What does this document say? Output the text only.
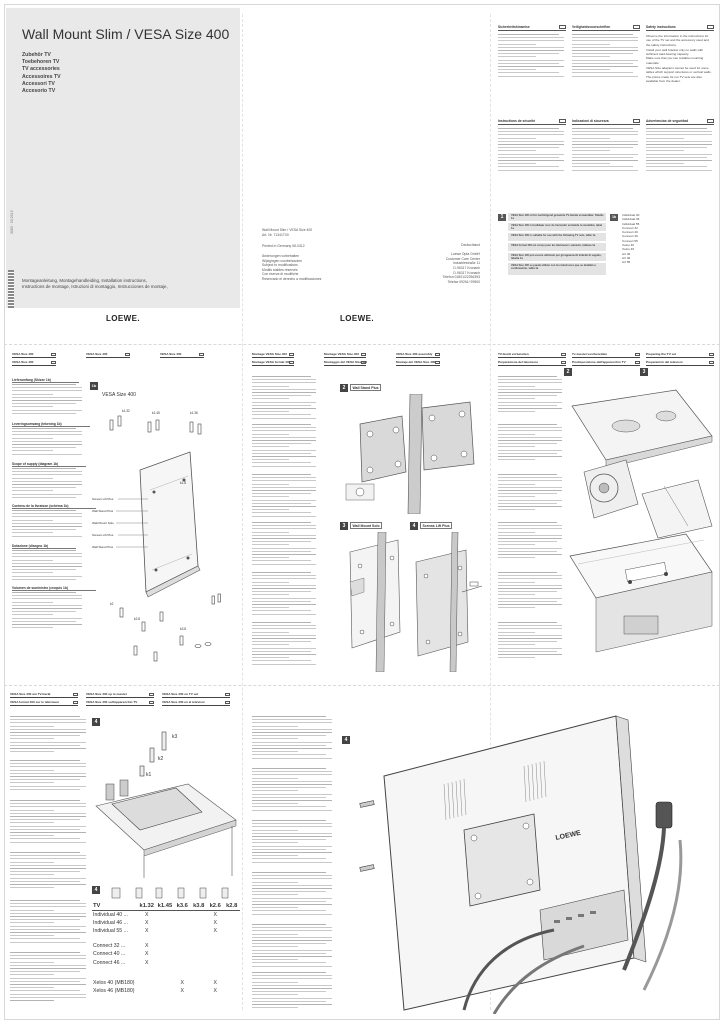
Wall Mount Slim / VESA Size 400
Zubehör TV
Toebehoren TV
TV accessories
Accessoires TV
Accessori TV
Accesorio TV
3083 · 03.2013
Montageanleitung, Montagehandleiding, Installation instructions,
Instructions de montage, Istruzioni di montaggio, Instrucciones de montaje,
Wall Mount Slim / VESA Size 400
Art. Nr. 71341T00
Printed in Germany 08-0312
Änderungen vorbehalten
Wijzigingen voorbehouden
Subject to modifications
Modifs stables réservés
Con riserva di modifiche
Reservado el derecho a modificaciones
Deutschland
Loewe Opta GmbH
Customer Care Center
Industriestraße 11
D-96317 Kronach
D-96317 Kronach
Telefon 01801/22256393
Telefax 09261/ 99500
LOEWE.
LOEWE.
Sicherheitshinweise	Veiligheidsvoorschriften	Safety instructions
Observe the information in the instructions for use of the TV set and the accessory used and the safety instructions.
Install your wall bracket only on walls with sufficient load-bearing capacity.
Make sure that you use suitable mounting materials.
VESA Size adapters cannot be used for some tables which support structures or vertical walls.
The prices made for our TV sets are also available from the dealer.
Instructions de sécurité	Indicazioni di sicurezza	Advertencias de seguridad
1	VESA Size 400 ist für nachfolgend genannte TV-Geräte verwendbar. Tabelle 1a
VESA Size 400 is bruikbaar voor de hieronder vermelde tv-modellen, tabel 1a
VESA Size 400 is suitable for use with the following TV sets, table 1a
VESA format 400 est conçu pour les téléviseurs suivants, tableau 1a
VESA Size 400 può essere utilizzato per gli apparecchi indicati di seguito, tabella 1a
VESA Size 400 se puede utilizar con los televisores que se detallan a continuación, tabla 1a
1b	Individual 40
Individual 46
Individual 55
Connect 32
Connect 40
Connect 46
Connect 55
Xelos 40
Xelos 46
Art 40
Art 46
Art 55
VESA Size 400	VESA Size 400	VESA Size 400
VESA Size 400
Lieferumfang (Skizze 1b)
Leveringsomvang (tekening 1b)
Scope of supply (diagram 1b)
Contenu de la livraison (schéma 1b)
Dotazione (disegno 1b)
Volumen de suministro (croquis 1b)
1b
VESA Size 400
k1.32	k1.45	k1.36
k2
k2.8
k3.8
k1.8
Screws Lift Plus
Wall Stand Plus
Wall Mount Solo
Screws Lift Plus
Wall Stand Plus
Montage VESA Size 400
Montage VESA format 400
Montage VESA Size 400
Montaggio del VESA Size 400
VESA Size 400 assembly
Montaje del VESA Size 400
2	Wall Stand Plus
3	Wall Mount Solo	4	Screws Lift Plus
TV-Gerät vorbereiten
Preparazione del televisore
Tv-toestel voorbereiden
Predisposizione dell'apparecchio TV
Preparing the TV set
Preparación del televisor
2	3
VESA Size 400 am TV-Gerät
VESA format 400 sur le téléviseur
VESA Size 400 op tv-toestel
VESA Size 400 sull'apparecchio TV
VESA Size 400 on TV set
VESA Size 400 en el televisor
4
k3
k2
k1
4
TV	k1.32	k1.45	k3.6	k3.8	k2.6	k2.8
Individual 40 ...	X				X	
Individual 46 ...	X				X	
Individual 55 ...	X				X	

Connect 32 ...	X					
Connect 40 ...	X					
Connect 46 ...	X					

Xelos 40 (MB180)			X		X	
Xelos 46 (MB180)			X		X	
4
LOEWE
